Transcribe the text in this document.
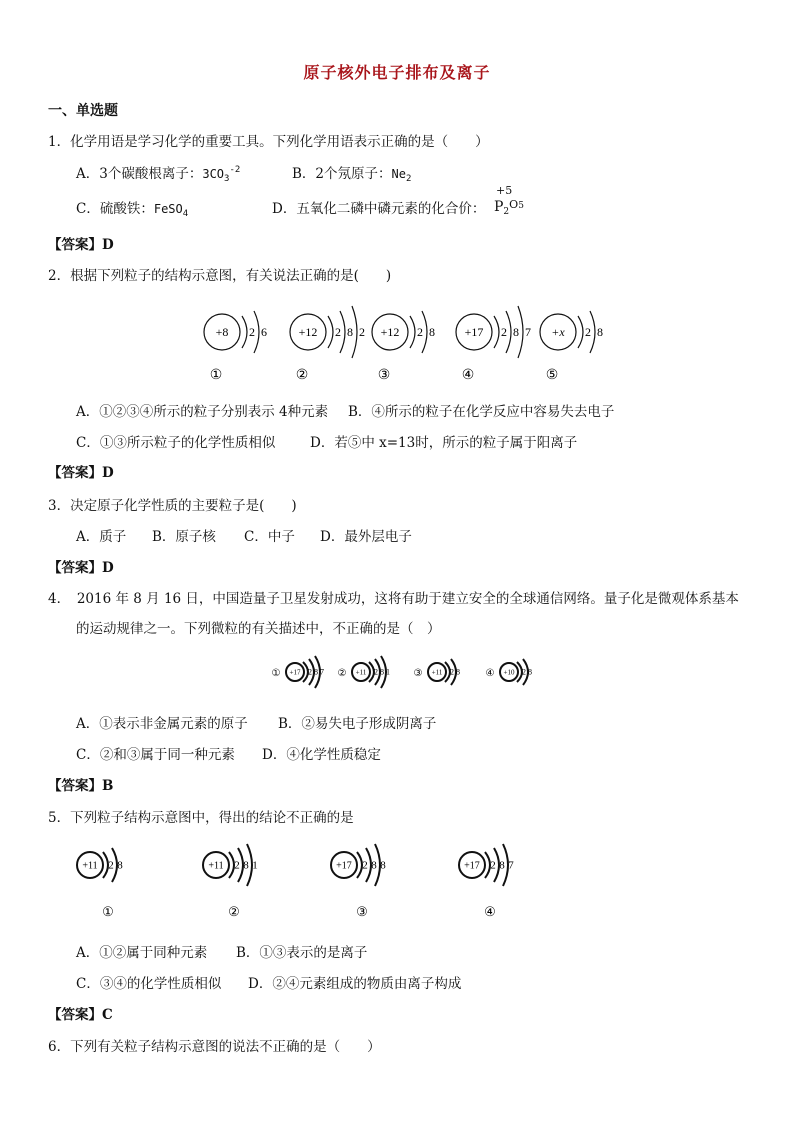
原子核外电子排布及离子
一、单选题
1．化学用语是学习化学的重要工具。下列化学用语表示正确的是（　　）
A．3个碳酸根离子：$3CO_3^{-2}$	B．2个氖原子：$Ne_2$
C．硫酸铁：FeSO$_4$	D．五氧化二磷中磷元素的化合价：
+5
$P_2^{O5}$
【答案】D
2．根据下列粒子的结构示意图，有关说法正确的是(　　)
+8 2 6
①
+12 2 8 2
②
+12 2 8
③
+17 2 8 7
④
+x 2 8
⑤
A．①②③④所示的粒子分别表示 4种元素 B．④所示的粒子在化学反应中容易失去电子
C．①③所示粒子的化学性质相似	D．若⑤中 x=13时，所示的粒子属于阳离子
【答案】D
3．决定原子化学性质的主要粒子是(　　)
A．质子 B．原子核 C．中子 D．最外层电子
【答案】D
4．　2016 年 8 月 16 日，中国造量子卫星发射成功，这将有助于建立安全的全球通信网络。量子化是微观体系基本
的运动规律之一。下列微粒的有关描述中，不正确的是（　）
① +17 2 8 7 ② +11 2 8 1 ③ +11 2 8	④ +10 2 8
A．①表示非金属元素的原子 B．②易失电子形成阴离子
C．②和③属于同一种元素 D．④化学性质稳定
【答案】B
5．下列粒子结构示意图中，得出的结论不正确的是
+11 2 8
①
+11 2 8 1
②
+17 2 8 8
③
+17 2 8 7
④
A．①②属于同种元素 B．①③表示的是离子
C．③④的化学性质相似 D．②④元素组成的物质由离子构成
【答案】C
6．下列有关粒子结构示意图的说法不正确的是（　　）
